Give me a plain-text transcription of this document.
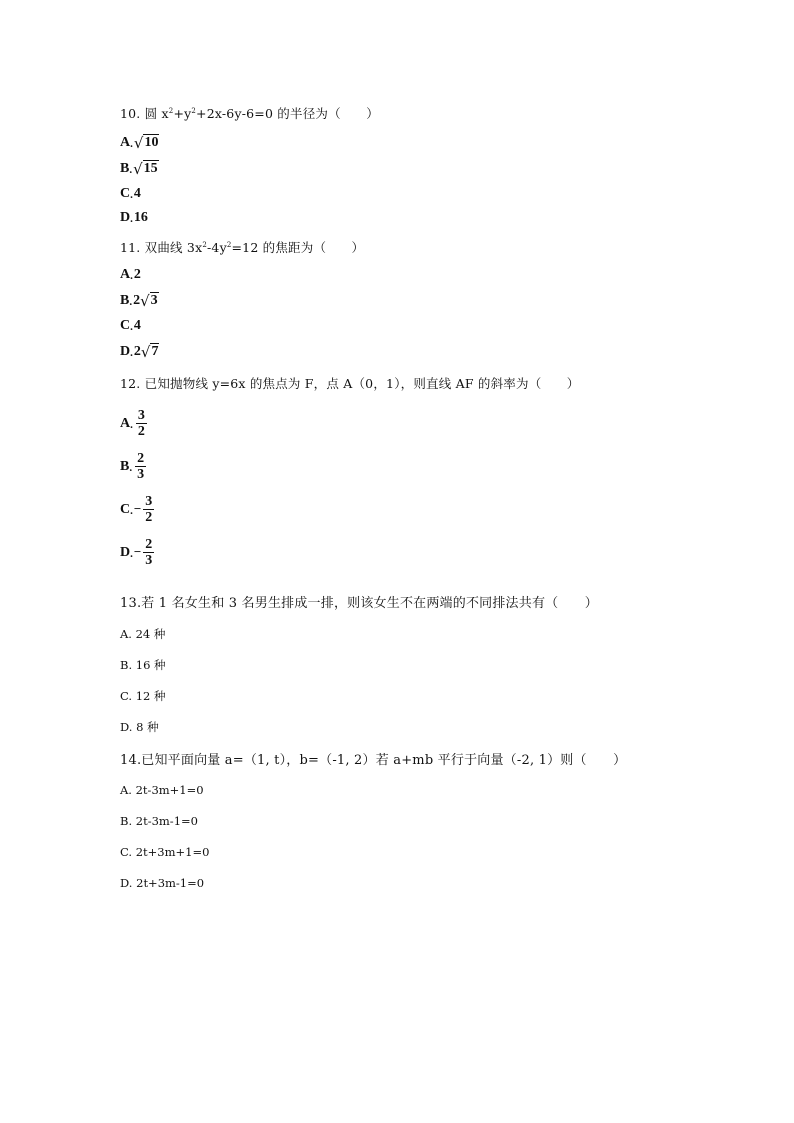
10. 圆 $x^2+y^2+2x-6y-6=0$ 的半径为（　　）
A. √ 10
B. √ 15
C.4
D.16
11. 双曲线 $3x^2-4y^2=12$ 的焦距为（　　）
A.2
B.2 √ 3
C.4
D.2 √ 7
12. 已知抛物线 y=6x 的焦点为 F，点 A（0，1），则直线 AF 的斜率为（　　）
A. $\frac{3}{2}$
B. $\frac{2}{3}$
$C.- \frac{3}{2}$
$D.- \frac{2}{3}$
13.若 1 名女生和 3 名男生排成一排，则该女生不在两端的不同排法共有（　　）
A. 24 种
B. 16 种
C. 12 种
D. 8 种
14.已知平面向量 a=（1, t），b=（-1, 2）若 a+mb 平行于向量（-2, 1）则（　　）
A. 2t-3m+1=0
B. 2t-3m-1=0
C. 2t+3m+1=0
D. 2t+3m-1=0
